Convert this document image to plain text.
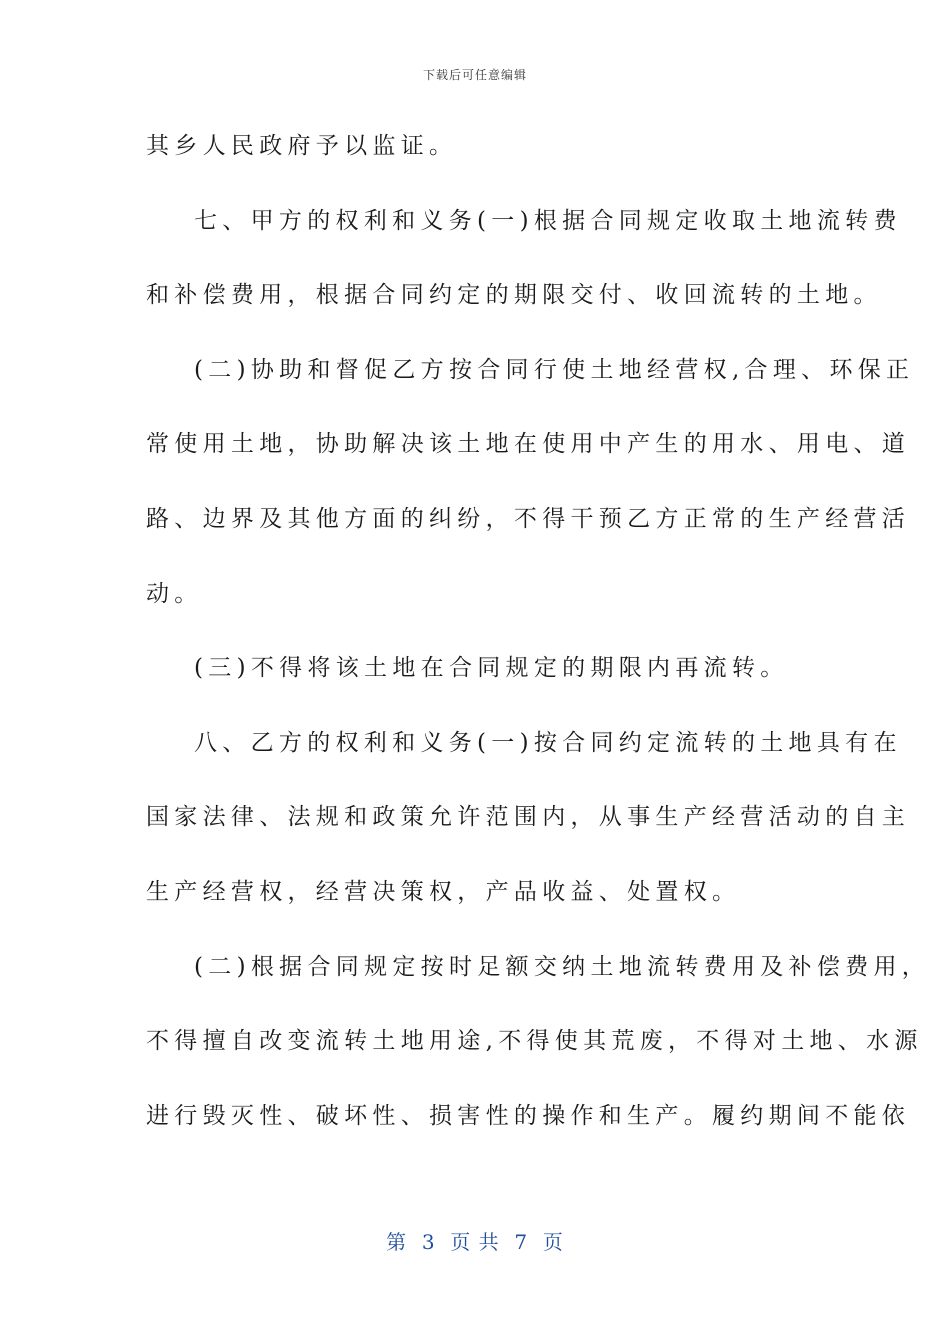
下载后可任意编辑
其乡人民政府予以监证。
七、甲方的权利和义务(一)根据合同规定收取土地流转费
和补偿费用，根据合同约定的期限交付、收回流转的土地。
(二)协助和督促乙方按合同行使土地经营权,合理、环保正
常使用土地，协助解决该土地在使用中产生的用水、用电、道
路、边界及其他方面的纠纷，不得干预乙方正常的生产经营活
动。
(三)不得将该土地在合同规定的期限内再流转。
八、乙方的权利和义务(一)按合同约定流转的土地具有在
国家法律、法规和政策允许范围内，从事生产经营活动的自主
生产经营权，经营决策权，产品收益、处置权。
(二)根据合同规定按时足额交纳土地流转费用及补偿费用，
不得擅自改变流转土地用途,不得使其荒废，不得对土地、水源
进行毁灭性、破坏性、损害性的操作和生产。履约期间不能依
第  3  页 共  7  页
